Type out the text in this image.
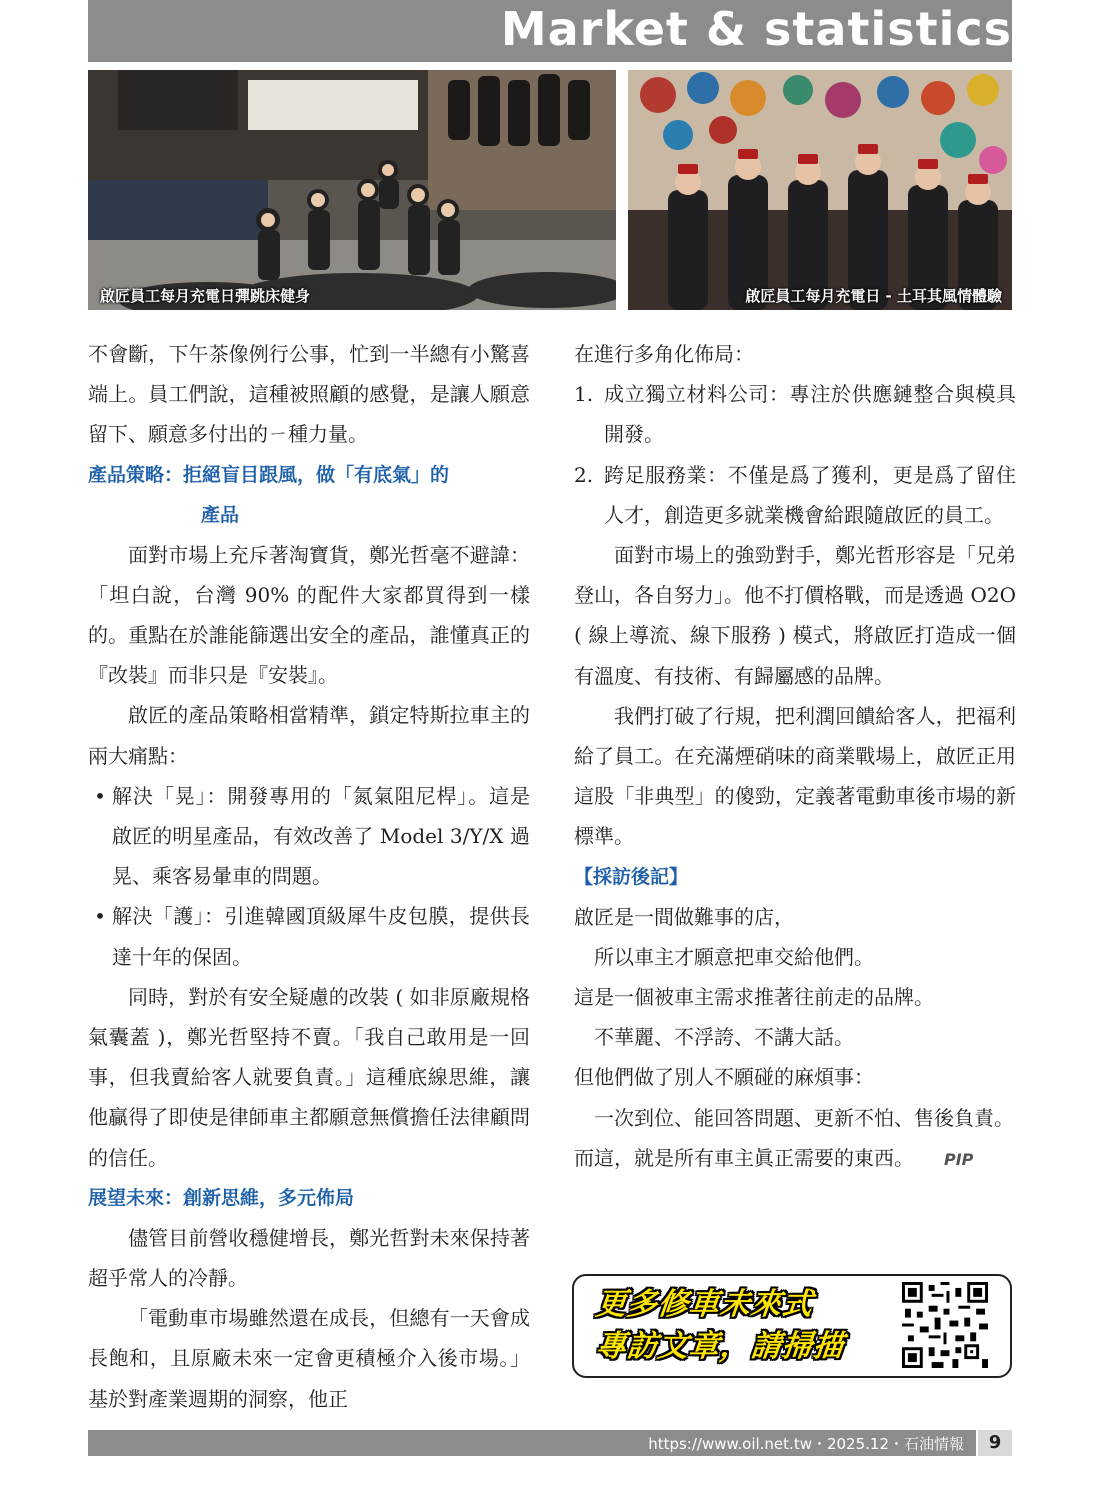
Market & statistics

啟匠員工每月充電日彈跳床健身	啟匠員工每月充電日 - 土耳其風情體驗

不會斷，下午茶像例行公事，忙到一半總有小驚喜端上。員工們說，這種被照顧的感覺，是讓人願意留下、願意多付出的ㄧ種力量。

產品策略：拒絕盲目跟風，做「有底氣」的

產品

面對市場上充斥著淘寶貨，鄭光哲毫不避諱：「坦白說，台灣 90% 的配件大家都買得到一樣的。重點在於誰能篩選出安全的產品，誰懂真正的『改裝』而非只是『安裝』。

啟匠的產品策略相當精準，鎖定特斯拉車主的兩大痛點：

• 解決「晃」：開發專用的「氮氣阻尼桿」。這是啟匠的明星產品，有效改善了 Model 3/Y/X 過晃、乘客易暈車的問題。
• 解決「護」：引進韓國頂級犀牛皮包膜，提供長達十年的保固。

同時，對於有安全疑慮的改裝 ( 如非原廠規格氣囊蓋 )，鄭光哲堅持不賣。「我自己敢用是一回事，但我賣給客人就要負責。」這種底線思維，讓他贏得了即使是律師車主都願意無償擔任法律顧問的信任。

展望未來：創新思維，多元佈局

儘管目前營收穩健增長，鄭光哲對未來保持著超乎常人的冷靜。

「電動車市場雖然還在成長，但總有一天會成長飽和，且原廠未來一定會更積極介入後市場。」基於對產業週期的洞察，他正

在進行多角化佈局：

1. 成立獨立材料公司：專注於供應鏈整合與模具開發。
2. 跨足服務業：不僅是爲了獲利，更是爲了留住人才，創造更多就業機會給跟隨啟匠的員工。

面對市場上的強勁對手，鄭光哲形容是「兄弟登山，各自努力」。他不打價格戰，而是透過 O2O ( 線上導流、線下服務 ) 模式，將啟匠打造成一個有溫度、有技術、有歸屬感的品牌。

我們打破了行規，把利潤回饋給客人，把福利給了員工。在充滿煙硝味的商業戰場上，啟匠正用這股「非典型」的傻勁，定義著電動車後市場的新標準。

【採訪後記】

啟匠是一間做難事的店，

所以車主才願意把車交給他們。

這是一個被車主需求推著往前走的品牌。

不華麗、不浮誇、不講大話。

但他們做了別人不願碰的麻煩事：

一次到位、能回答問題、更新不怕、售後負責。

而這，就是所有車主眞正需要的東西。 PIP

更多修車未來式

專訪文章，請掃描

https://www.oil.net.tw・2025.12・石油情報	9
